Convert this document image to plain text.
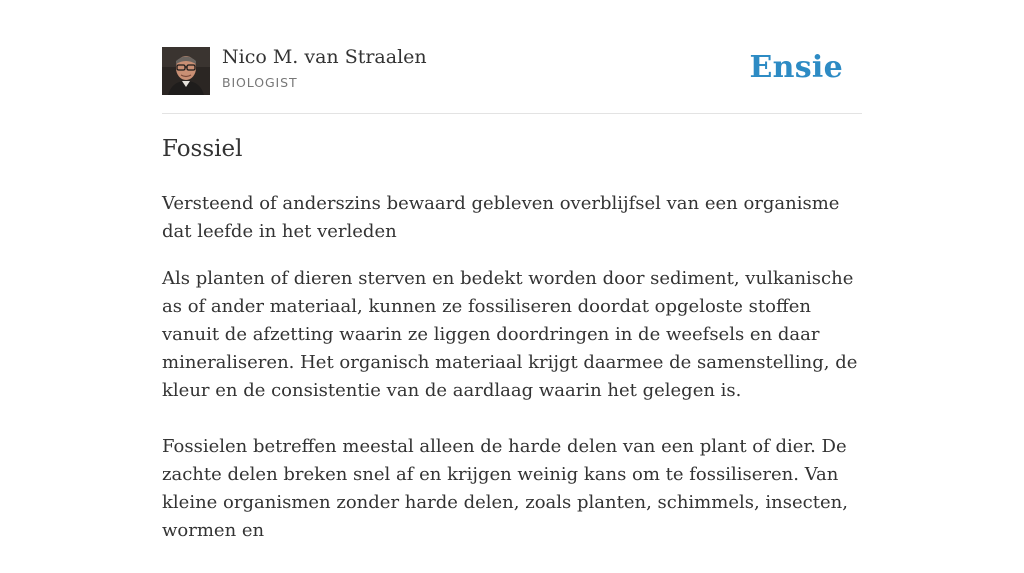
Nico M. van Straalen
BIOLOGIST	Ensie
Fossiel

Versteend of anderszins bewaard gebleven overblijfsel van een organisme dat leefde in het verleden

Als planten of dieren sterven en bedekt worden door sediment, vulkanische as of ander materiaal, kunnen ze fossiliseren doordat opgeloste stoffen vanuit de afzetting waarin ze liggen doordringen in de weefsels en daar mineraliseren. Het organisch materiaal krijgt daarmee de samenstelling, de kleur en de consistentie van de aardlaag waarin het gelegen is.

Fossielen betreffen meestal alleen de harde delen van een plant of dier. De zachte delen breken snel af en krijgen weinig kans om te fossiliseren. Van kleine organismen zonder harde delen, zoals planten, schimmels, insecten, wormen en
